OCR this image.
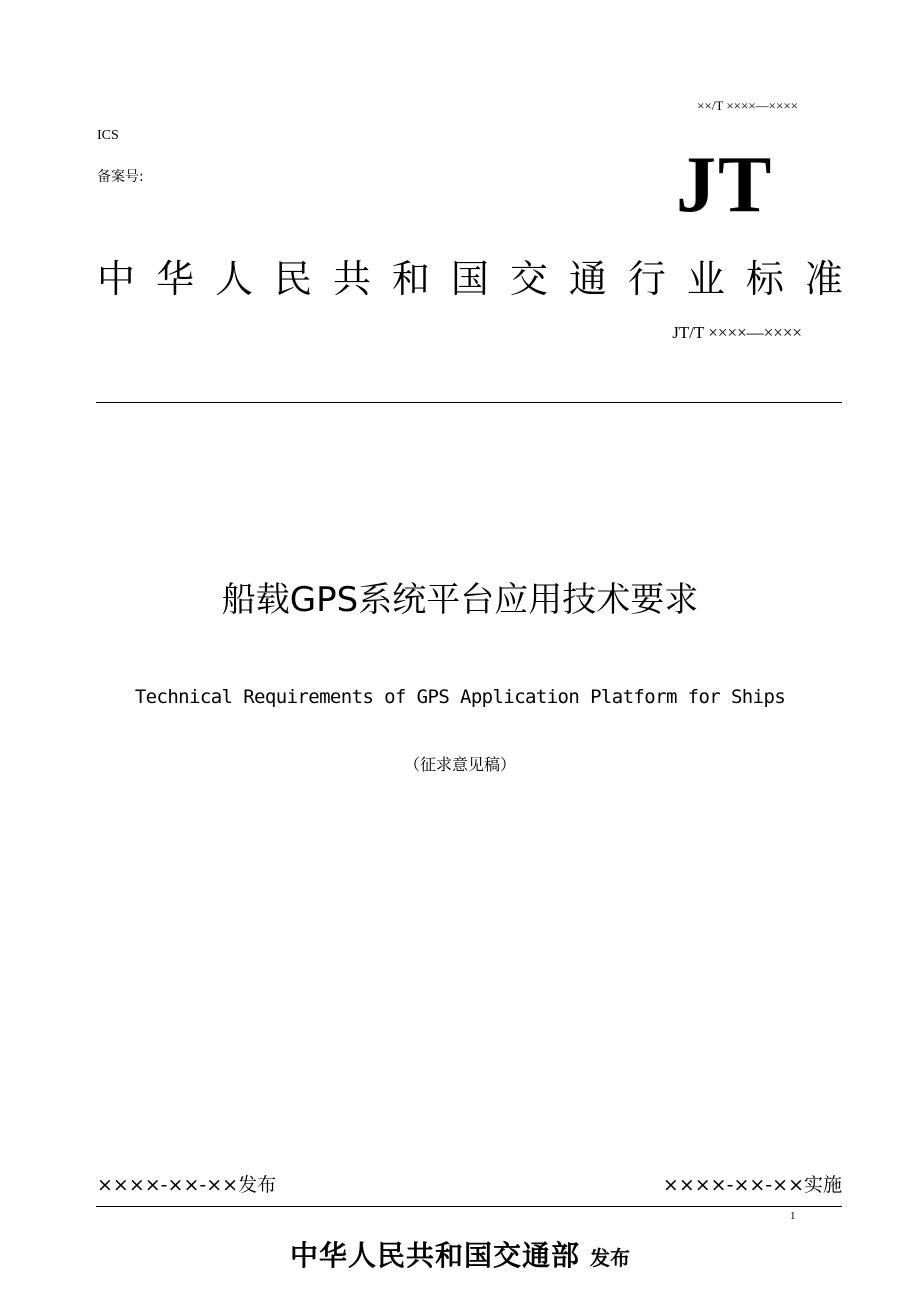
××/T ××××—××××
ICS
备案号:	JT
中 华 人 民 共 和 国 交 通 行 业 标 准
JT/T ××××—××××
船载GPS系统平台应用技术要求
Technical Requirements of GPS Application Platform for Ships
（征求意见稿）
××××-××-××发布	××××-××-××实施
1
中华人民共和国交通部 发布
